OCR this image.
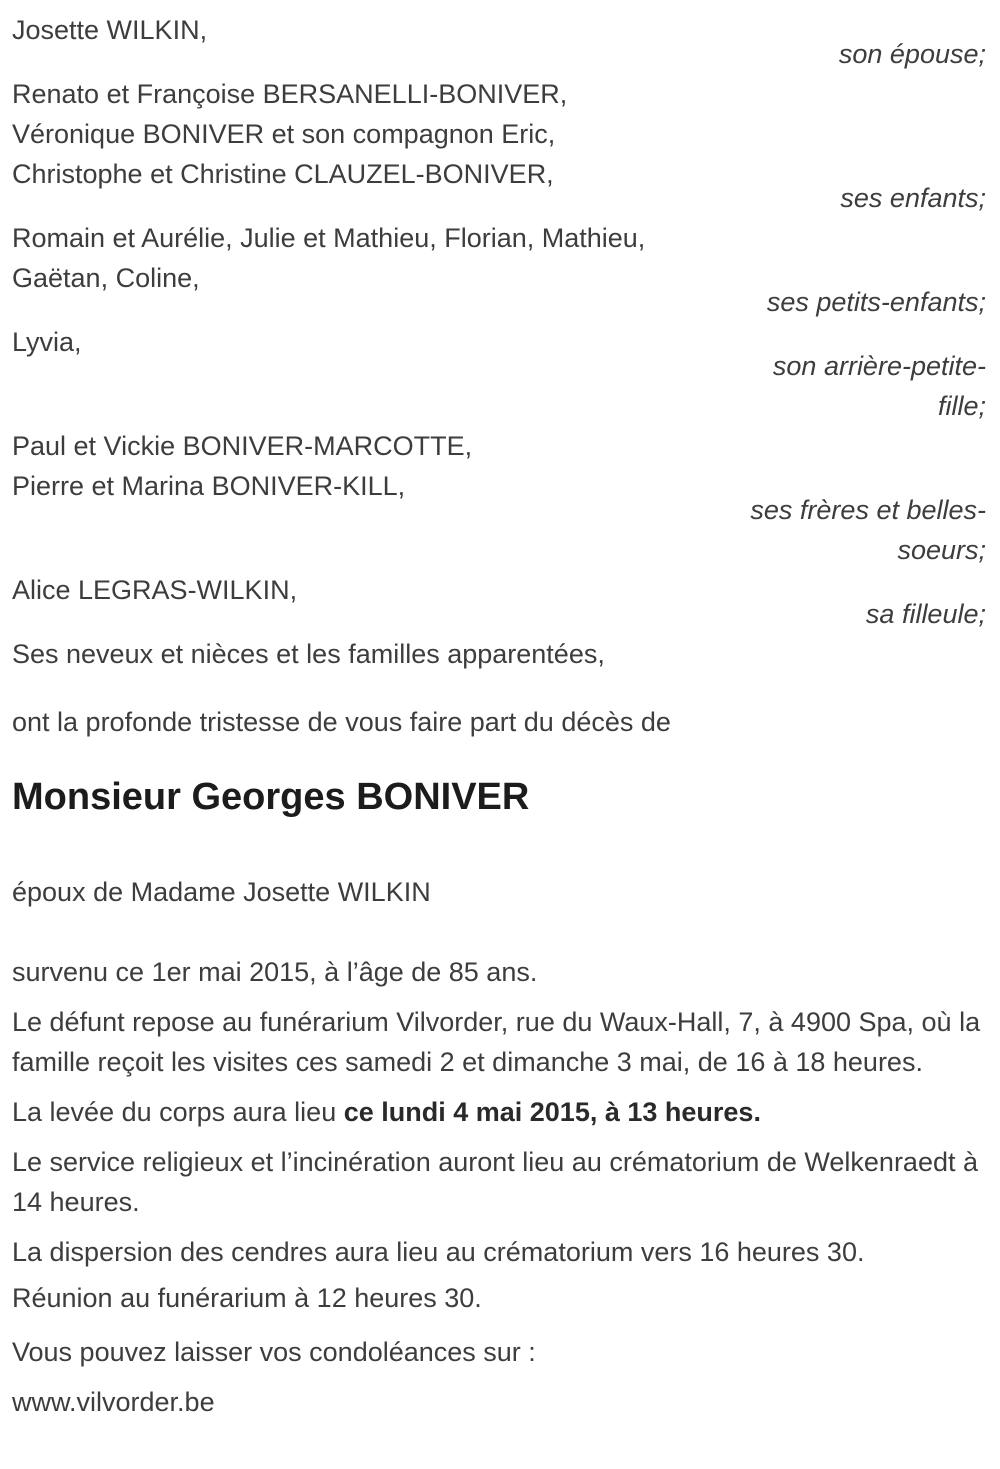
Josette WILKIN,
son épouse;
Renato et Françoise BERSANELLI-BONIVER,
Véronique BONIVER et son compagnon Eric,
Christophe et Christine CLAUZEL-BONIVER,
ses enfants;
Romain et Aurélie, Julie et Mathieu, Florian, Mathieu,
Gaëtan, Coline,
ses petits-enfants;
Lyvia,
son arrière-petite-
fille;
Paul et Vickie BONIVER-MARCOTTE,
Pierre et Marina BONIVER-KILL,
ses frères et belles-
soeurs;
Alice LEGRAS-WILKIN,
sa filleule;
Ses neveux et nièces et les familles apparentées,

ont la profonde tristesse de vous faire part du décès de

Monsieur Georges BONIVER

époux de Madame Josette WILKIN

survenu ce 1er mai 2015, à l’âge de 85 ans.

Le défunt repose au funérarium Vilvorder, rue du Waux-Hall, 7, à 4900 Spa, où la famille reçoit les visites ces samedi 2 et dimanche 3 mai, de 16 à 18 heures.

La levée du corps aura lieu ce lundi 4 mai 2015, à 13 heures.

Le service religieux et l’incinération auront lieu au crématorium de Welkenraedt à 14 heures.

La dispersion des cendres aura lieu au crématorium vers 16 heures 30.

Réunion au funérarium à 12 heures 30.

Vous pouvez laisser vos condoléances sur :

www.vilvorder.be
